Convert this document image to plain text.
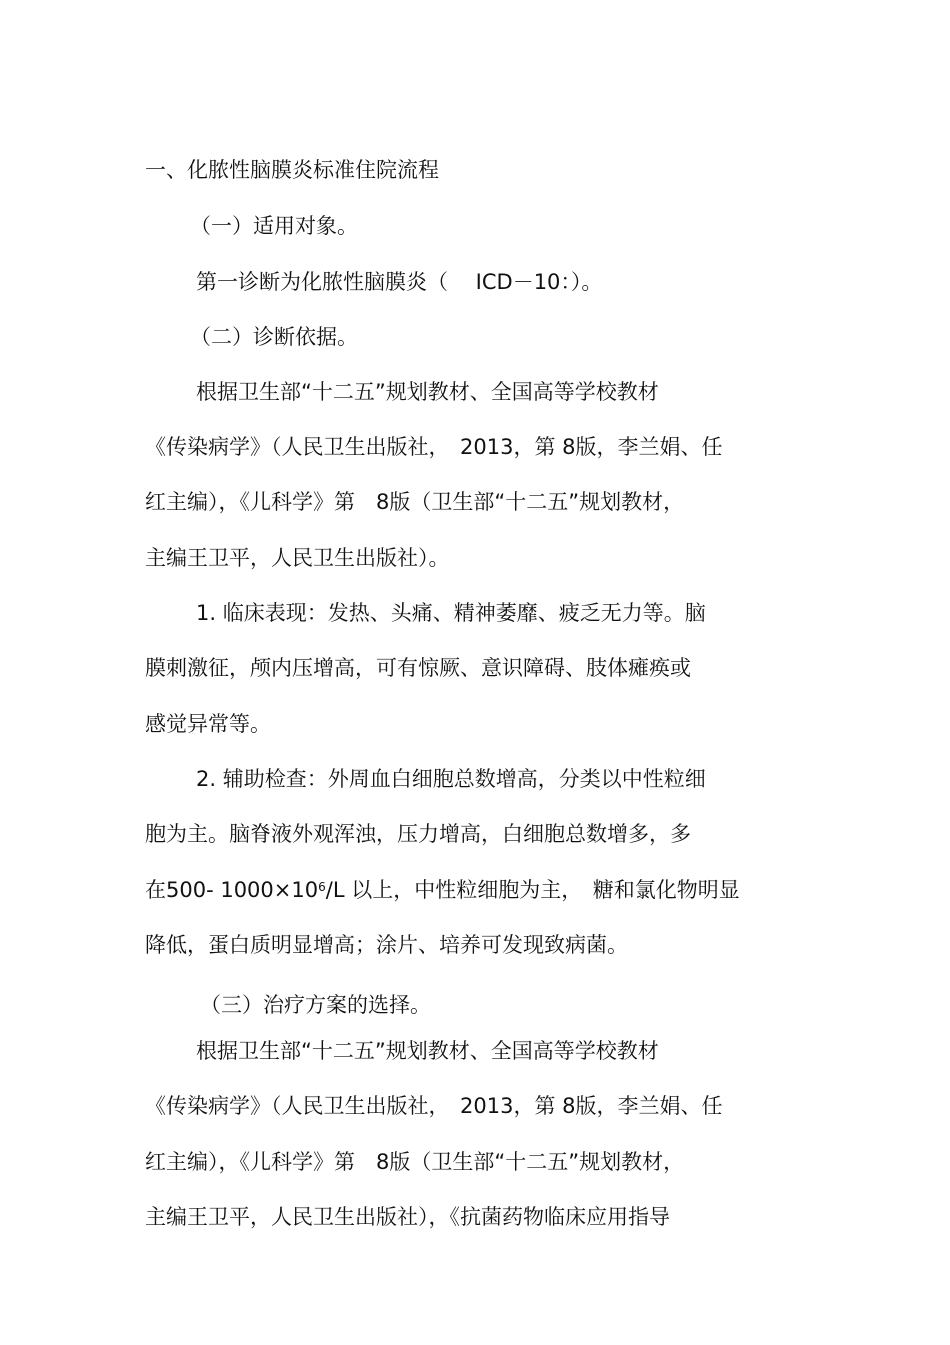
一、化脓性脑膜炎标准住院流程
（一）适用对象。
第一诊断为化脓性脑膜炎（　 ICD－10：）。
（二）诊断依据。
根据卫生部“十二五”规划教材、全国高等学校教材
《传染病学》（人民卫生出版社，　2013，第 8版，李兰娟、任
红主编），《儿科学》第　8版（卫生部“十二五”规划教材，
主编王卫平，人民卫生出版社）。
1. 临床表现：发热、头痛、精神萎靡、疲乏无力等。脑
膜刺激征，颅内压增高，可有惊厥、意识障碍、肢体瘫痪或
感觉异常等。
2. 辅助检查：外周血白细胞总数增高，分类以中性粒细
胞为主。脑脊液外观浑浊，压力增高，白细胞总数增多，多
在500- $1000\times 10^6/L$ 以上，中性粒细胞为主，　糖和氯化物明显
降低，蛋白质明显增高；涂片、培养可发现致病菌。
（三）治疗方案的选择。
根据卫生部“十二五”规划教材、全国高等学校教材
《传染病学》（人民卫生出版社，　2013，第 8版，李兰娟、任
红主编），《儿科学》第　8版（卫生部“十二五”规划教材，
主编王卫平，人民卫生出版社），《抗菌药物临床应用指导
